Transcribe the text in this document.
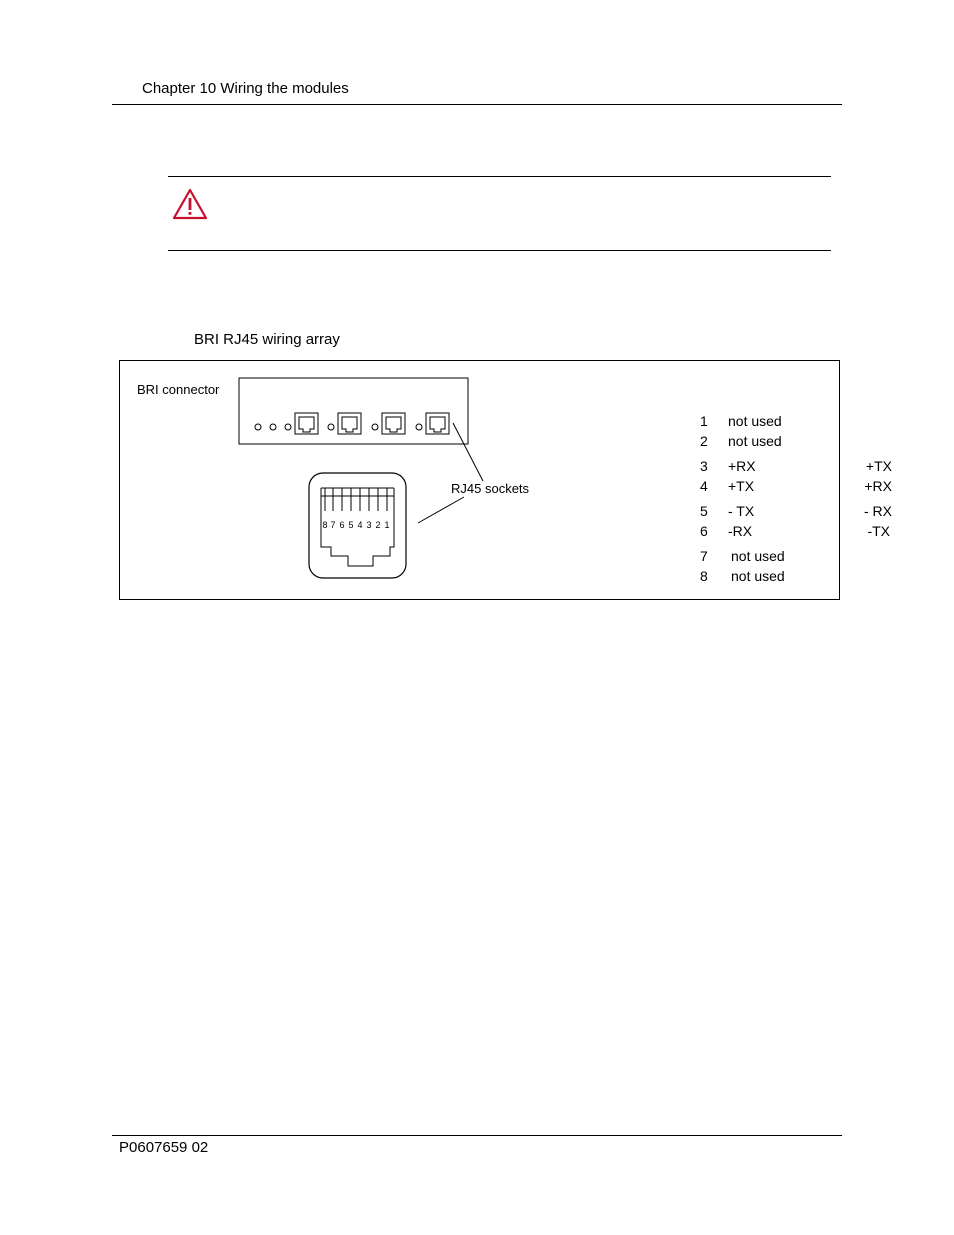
Chapter 10 Wiring the modules
BRI RJ45 wiring array
BRI connector
RJ45 sockets
8 7 6 5 4 3 2 1
1 not used
2 not used
3 +RX	+TX
4 +TX	+RX
5 - TX	- RX
6 -RX	-TX
7 not used
8 not used
P0607659 02
